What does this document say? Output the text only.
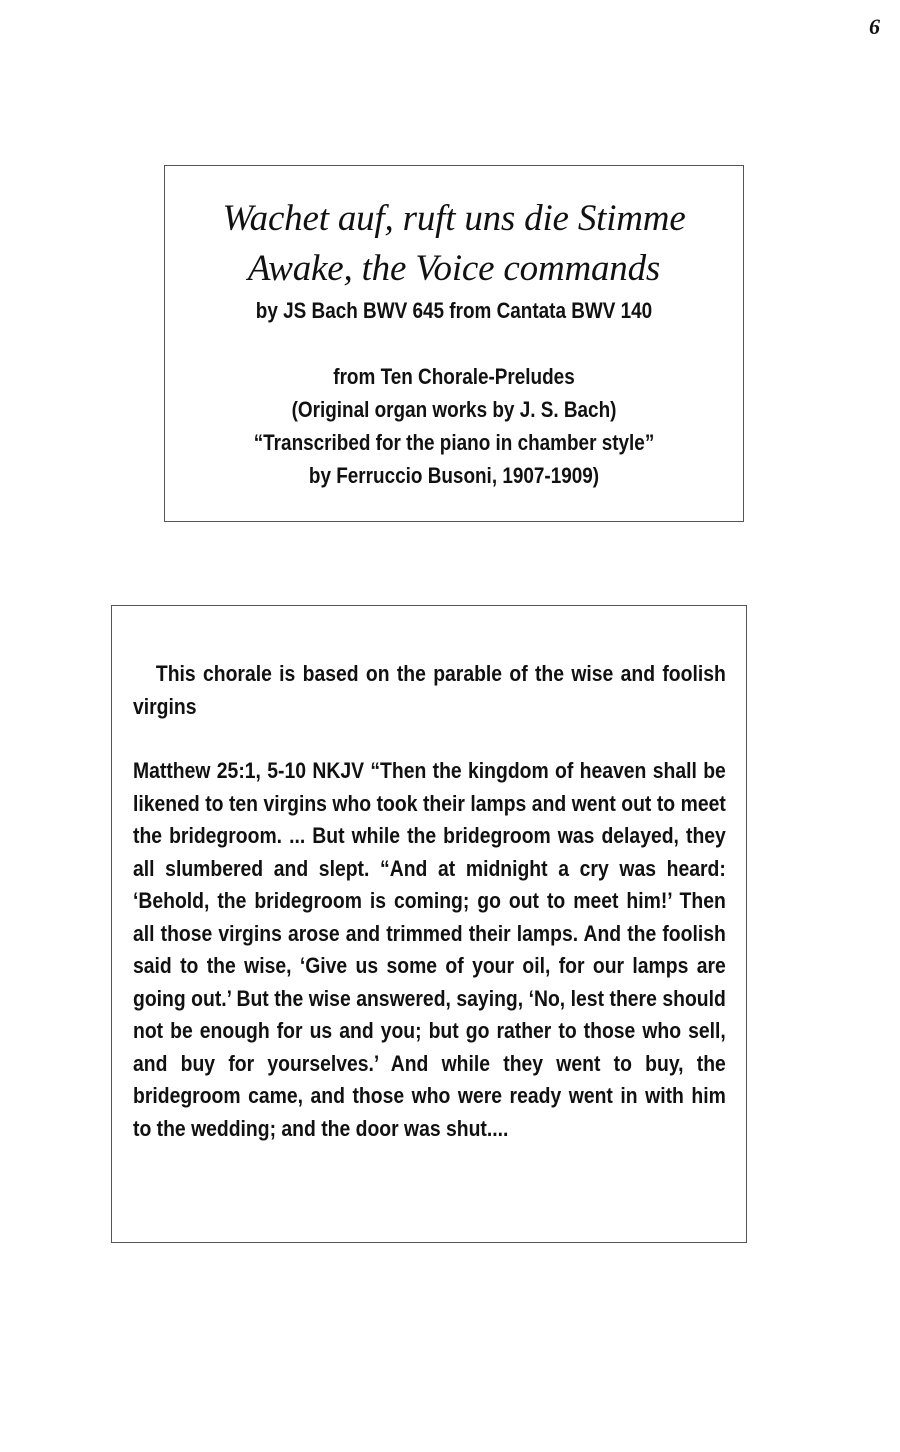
6
Wachet auf, ruft uns die Stimme
Awake, the Voice commands
by JS Bach BWV 645 from Cantata BWV 140
from Ten Chorale-Preludes
(Original organ works by J. S. Bach)
“Transcribed for the piano in chamber style”
by Ferruccio Busoni, 1907-1909)

This chorale is based on the parable of the wise and foolish virgins

Matthew 25:1, 5-10 NKJV “Then the kingdom of heaven shall be likened to ten virgins who took their lamps and went out to meet the bridegroom. ... But while the bridegroom was delayed, they all slumbered and slept. “And at midnight a cry was heard: ‘Behold, the bridegroom is coming; go out to meet him!’ Then all those virgins arose and trimmed their lamps. And the foolish said to the wise, ‘Give us some of your oil, for our lamps are going out.’ But the wise answered, saying, ‘No, lest there should not be enough for us and you; but go rather to those who sell, and buy for yourselves.’ And while they went to buy, the bridegroom came, and those who were ready went in with him to the wedding; and the door was shut....
